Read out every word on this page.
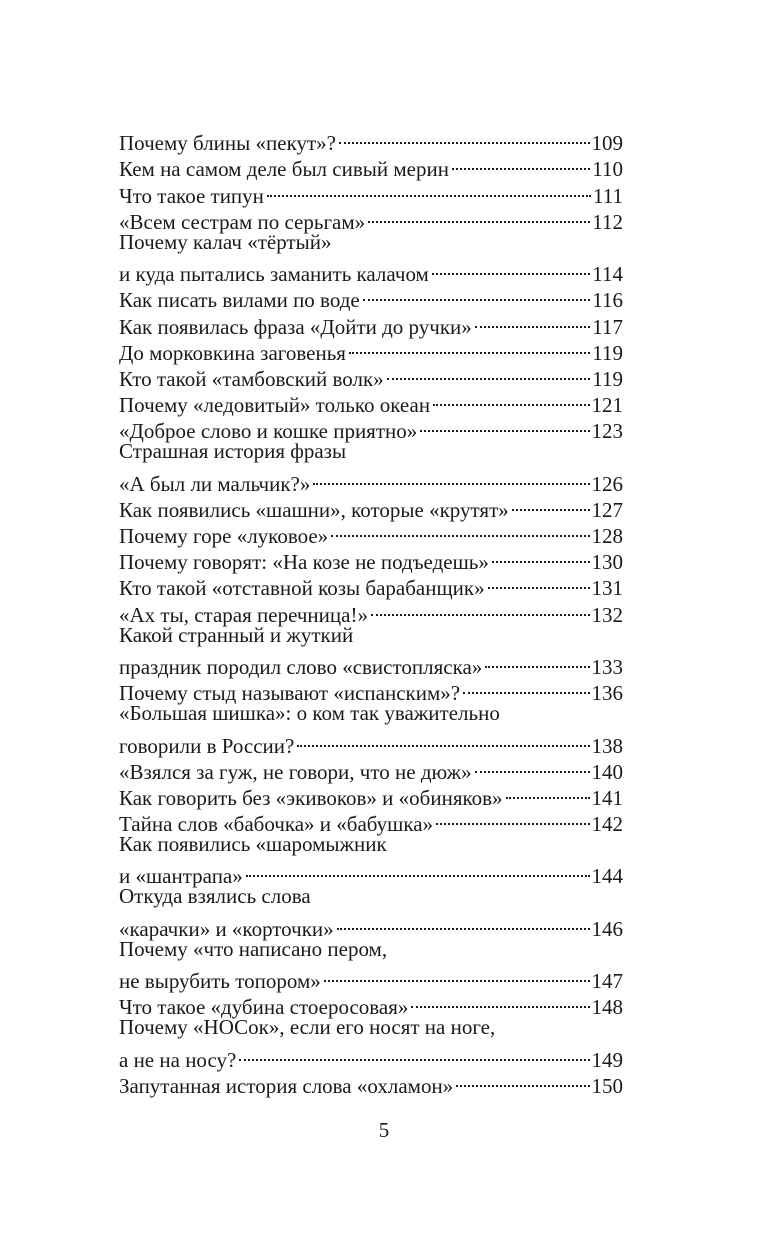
Почему блины «пекут»?	109
Кем на самом деле был сивый мерин	110
Что такое типун	111
«Всем сестрам по серьгам»	112
Почему калач «тёртый»
и куда пытались заманить калачом	114
Как писать вилами по воде	116
Как появилась фраза «Дойти до ручки»	117
До морковкина заговенья	119
Кто такой «тамбовский волк»	119
Почему «ледовитый» только океан	121
«Доброе слово и кошке приятно»	123
Страшная история фразы
«А был ли мальчик?»	126
Как появились «шашни», которые «крутят»	127
Почему горе «луковое»	128
Почему говорят: «На козе не подъедешь»	130
Кто такой «отставной козы барабанщик»	131
«Ах ты, старая перечница!»	132
Какой странный и жуткий
праздник породил слово «свистопляска»	133
Почему стыд называют «испанским»?	136
«Большая шишка»: о ком так уважительно
говорили в России?	138
«Взялся за гуж, не говори, что не дюж»	140
Как говорить без «экивоков» и «обиняков»	141
Тайна слов «бабочка» и «бабушка»	142
Как появились «шаромыжник
и «шантрапа»	144
Откуда взялись слова
«карачки» и «корточки»	146
Почему «что написано пером,
не вырубить топором»	147
Что такое «дубина стоеросовая»	148
Почему «НОСок», если его носят на ноге,
а не на носу?	149
Запутанная история слова «охламон»	150
5
